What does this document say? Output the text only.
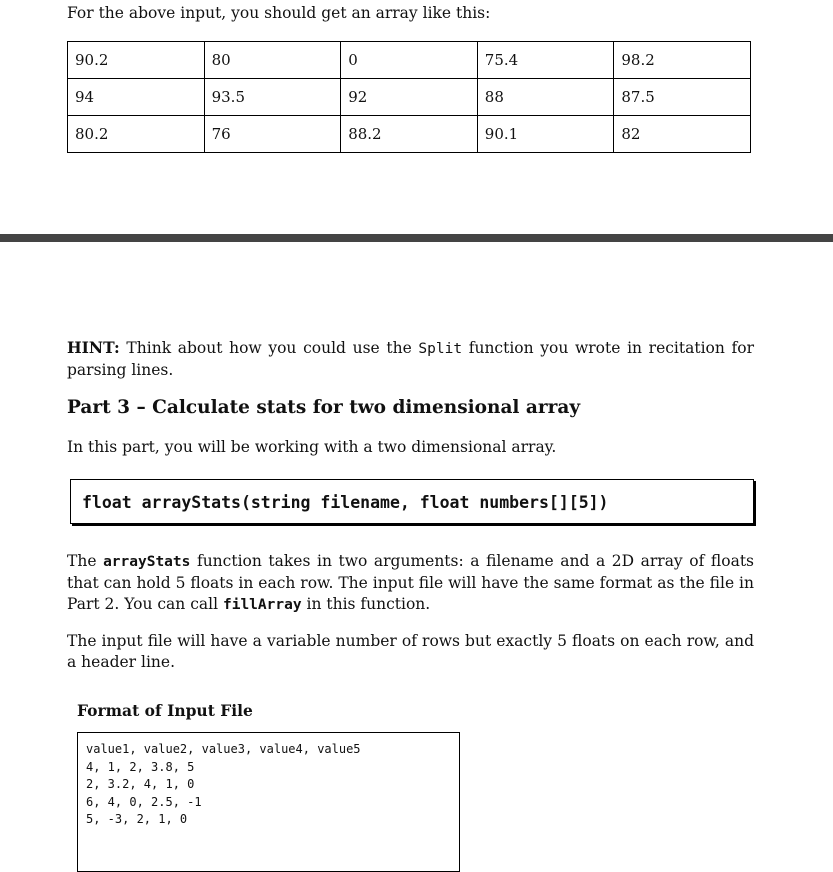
For the above input, you should get an array like this:
90.2	80	0	75.4	98.2
94	93.5	92	88	87.5
80.2	76	88.2	90.1	82
HINT: Think about how you could use the Split function you wrote in recitation for parsing lines.
Part 3 – Calculate stats for two dimensional array
In this part, you will be working with a two dimensional array.
float arrayStats(string filename, float numbers[][5])
The arrayStats function takes in two arguments: a filename and a 2D array of floats that can hold 5 floats in each row. The input file will have the same format as the file in Part 2. You can call fillArray in this function.
The input file will have a variable number of rows but exactly 5 floats on each row, and a header line.
Format of Input File
value1, value2, value3, value4, value5
4, 1, 2, 3.8, 5
2, 3.2, 4, 1, 0
6, 4, 0, 2.5, -1
5, -3, 2, 1, 0
